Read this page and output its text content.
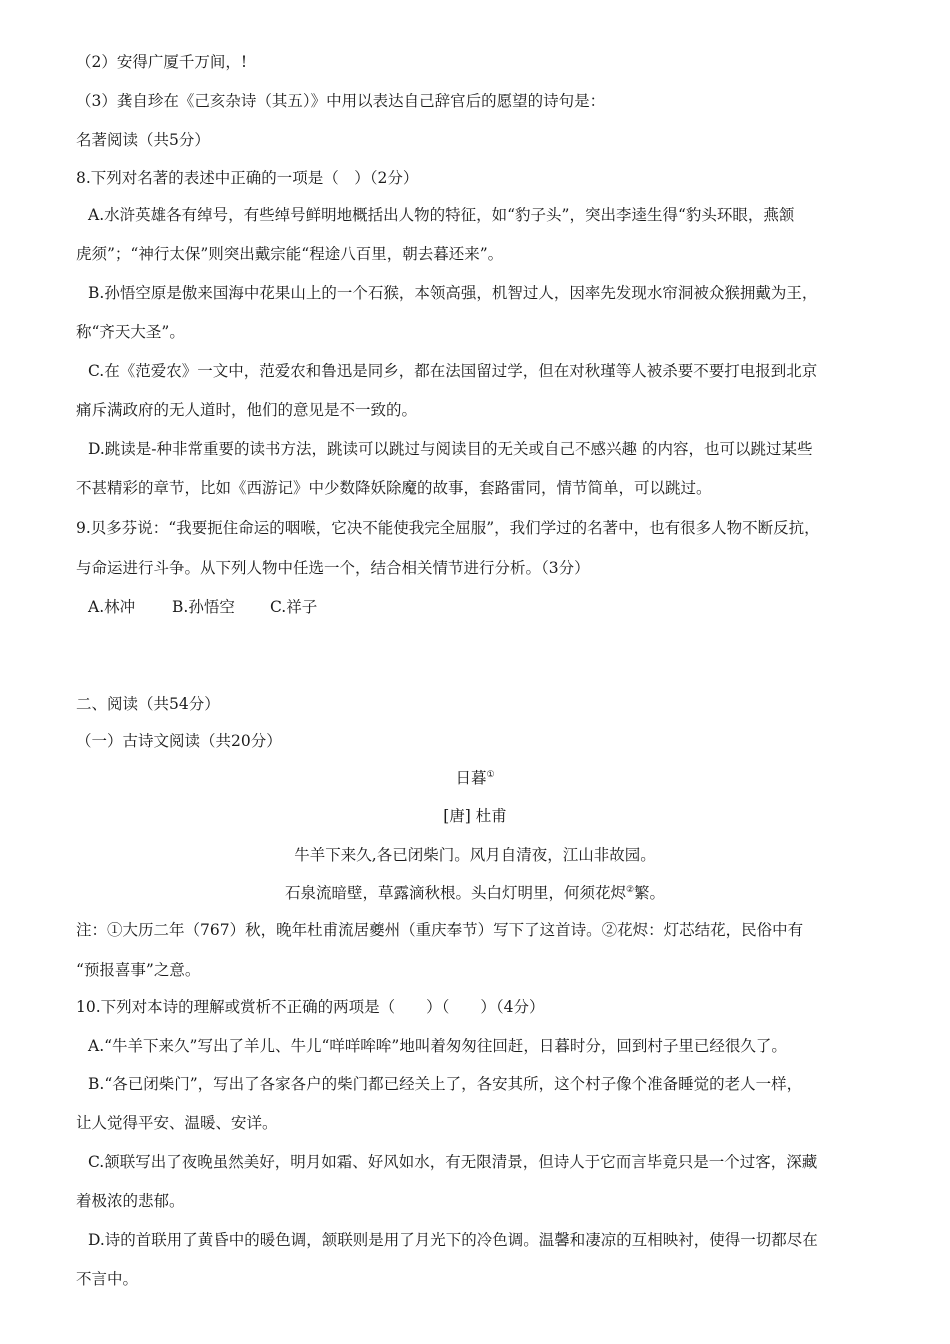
（2）安得广厦千万间，!
（3）龚自珍在《己亥杂诗（其五）》中用以表达自己辞官后的愿望的诗句是：
名著阅读（共5分）
8.下列对名著的表述中正确的一项是（　）（2分）
A.水浒英雄各有绰号，有些绰号鲜明地概括出人物的特征，如“豹子头”，突出李逵生得“豹头环眼，燕颔
虎须”；“神行太保”则突出戴宗能“程途八百里，朝去暮还来”。
B.孙悟空原是傲来国海中花果山上的一个石猴，本领高强，机智过人，因率先发现水帘洞被众猴拥戴为王，
称“齐天大圣”。
C.在《范爱农》一文中，范爱农和鲁迅是同乡，都在法国留过学，但在对秋瑾等人被杀要不要打电报到北京
痛斥满政府的无人道时，他们的意见是不一致的。
D.跳读是-种非常重要的读书方法，跳读可以跳过与阅读目的无关或自己不感兴趣 的内容，也可以跳过某些
不甚精彩的章节，比如《西游记》中少数降妖除魔的故事，套路雷同，情节简单，可以跳过。
9.贝多芬说：“我要扼住命运的咽喉，它决不能使我完全屈服”，我们学过的名著中，也有很多人物不断反抗，
与命运进行斗争。从下列人物中任选一个，结合相关情节进行分析。（3分）
A.林冲 B.孙悟空 C.祥子
二、阅读（共54分）
（一）古诗文阅读（共20分）
日暮①
[唐] 杜甫
牛羊下来久,各已闭柴门。风月自清夜，江山非故园。
石泉流暗壁，草露滴秋根。头白灯明里，何须花烬②繁。
注：①大历二年（767）秋，晚年杜甫流居夔州（重庆奉节）写下了这首诗。②花烬：灯芯结花，民俗中有
“预报喜事”之意。
10.下列对本诗的理解或赏析不正确的两项是（　　）（　　）（4分）
A.“牛羊下来久”写出了羊儿、牛儿“咩咩哞哞”地叫着匆匆往回赶，日暮时分，回到村子里已经很久了。
B.“各已闭柴门”，写出了各家各户的柴门都已经关上了，各安其所，这个村子像个准备睡觉的老人一样，
让人觉得平安、温暖、安详。
C.颔联写出了夜晚虽然美好，明月如霜、好风如水，有无限清景，但诗人于它而言毕竟只是一个过客，深藏
着极浓的悲郁。
D.诗的首联用了黄昏中的暖色调，颔联则是用了月光下的冷色调。温馨和凄凉的互相映衬，使得一切都尽在
不言中。
